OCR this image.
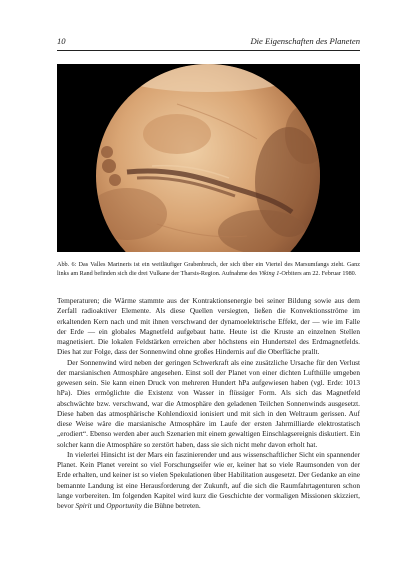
10	Die Eigenschaften des Planeten
Abb. 6: Das Valles Marineris ist ein weitläufiger Grabenbruch, der sich über ein Viertel des Marsumfangs zieht. Ganz links am Rand befinden sich die drei Vulkane der Tharsis-Region. Aufnahme des Viking 1-Orbiters am 22. Februar 1980.

Temperaturen; die Wärme stammte aus der Kontraktionsenergie bei seiner Bildung sowie aus dem Zerfall radioaktiver Elemente. Als diese Quellen versiegten, ließen die Konvektionsströme im erkaltenden Kern nach und mit ihnen verschwand der dynamoelektrische Effekt, der — wie im Falle der Erde — ein globales Magnetfeld aufgebaut hatte. Heute ist die Kruste an einzelnen Stellen magnetisiert. Die lokalen Feldstärken erreichen aber höchstens ein Hundertstel des Erdmagnetfelds. Dies hat zur Folge, dass der Sonnenwind ohne großes Hindernis auf die Oberfläche prallt.

Der Sonnenwind wird neben der geringen Schwerkraft als eine zusätzliche Ursache für den Verlust der marsianischen Atmosphäre angesehen. Einst soll der Planet von einer dichten Lufthülle umgeben gewesen sein. Sie kann einen Druck von mehreren Hundert hPa aufgewiesen haben (vgl. Erde: 1013 hPa). Dies ermöglichte die Existenz von Wasser in flüssiger Form. Als sich das Magnetfeld abschwächte bzw. verschwand, war die Atmosphäre den geladenen Teilchen Sonnenwinds ausgesetzt. Diese haben das atmosphärische Kohlendioxid ionisiert und mit sich in den Weltraum gerissen. Auf diese Weise wäre die marsianische Atmosphäre im Laufe der ersten Jahrmilliarde elektrostatisch „erodiert“. Ebenso werden aber auch Szenarien mit einem gewaltigen Einschlagsereignis diskutiert. Ein solcher kann die Atmosphäre so zerstört haben, dass sie sich nicht mehr davon erholt hat.

In vielerlei Hinsicht ist der Mars ein faszinierender und aus wissenschaftlicher Sicht ein spannender Planet. Kein Planet vereint so viel Forschungseifer wie er, keiner hat so viele Raumsonden von der Erde erhalten, und keiner ist so vielen Spekulationen über Habilitation ausgesetzt. Der Gedanke an eine bemannte Landung ist eine Herausforderung der Zukunft, auf die sich die Raumfahrtagenturen schon lange vorbereiten. Im folgenden Kapitel wird kurz die Geschichte der vormaligen Missionen skizziert, bevor Spirit und Opportunity die Bühne betreten.
